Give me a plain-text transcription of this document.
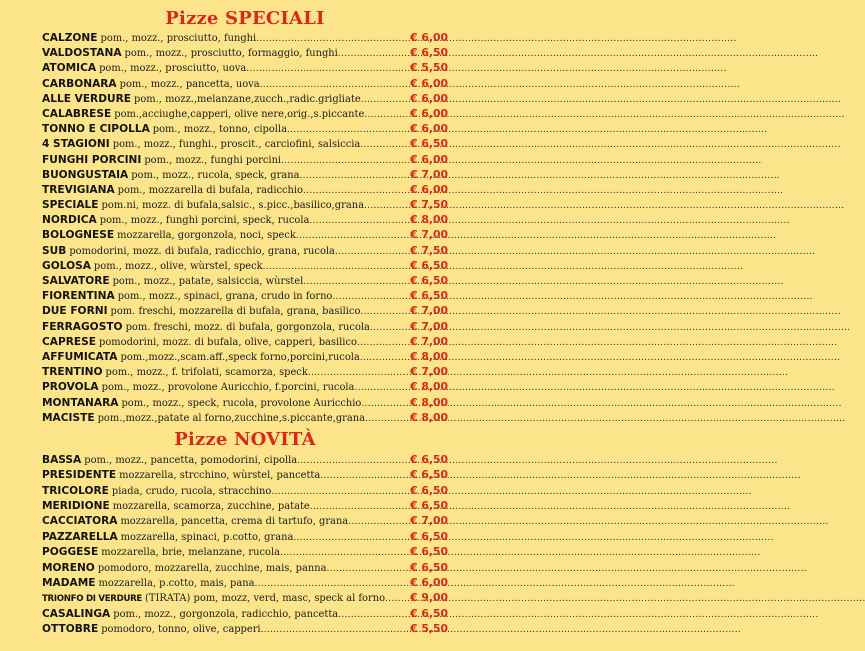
Pizze SPECIALI
CALZONE pom., mozz., prosciutto, funghi .....	€ 6,00
VALDOSTANA pom., mozz., prosciutto, formaggio, funghi .....	€ 6,50
ATOMICA pom., mozz., prosciutto, uova .....	€ 5,50
CARBONARA pom., mozz., pancetta, uova .....	€ 6,00
ALLE VERDURE pom., mozz.,melanzane,zucch.,radic.grigliate .....	€ 6,00
CALABRESE pom.,acciughe,capperi, olive nere,orig.,s.piccante .....	€ 6,00
TONNO E CIPOLLA pom., mozz., tonno, cipolla .....	€ 6,00
4 STAGIONI pom., mozz., funghi., proscit., carciofini, salsiccia .....	€ 6,50
FUNGHI PORCINI pom., mozz., funghi porcini .....	€ 6,00
BUONGUSTAIA pom., mozz., rucola, speck, grana .....	€ 7,00
TREVIGIANA pom., mozzarella di bufala, radicchio .....	€ 6,00
SPECIALE pom.ni, mozz. di bufala,salsic., s.picc.,basilico,grana .....	€ 7,50
NORDICA pom., mozz., funghi porcini, speck, rucola .....	€ 8,00
BOLOGNESE mozzarella, gorgonzola, noci, speck .....	€ 7,00
SUB pomodorini, mozz. di bufala, radicchio, grana, rucola .....	€ 7,50
GOLOSA pom., mozz., olive, wùrstel, speck .....	€ 6,50
SALVATORE pom., mozz., patate, salsiccia, wùrstel .....	€ 6,50
FIORENTINA pom., mozz., spinaci, grana, crudo in forno .....	€ 6,50
DUE FORNI pom. freschi, mozzarella di bufala, grana, basilico .....	€ 7,00
FERRAGOSTO pom. freschi, mozz. di bufala, gorgonzola, rucola .....	€ 7,00
CAPRESE pomodorini, mozz. di bufala, olive, capperi, basilico .....	€ 7,00
AFFUMICATA pom.,mozz.,scam.aff.,speck forno,porcini,rucola .....	€ 8,00
TRENTINO pom., mozz., f. trifolati, scamorza, speck .....	€ 7,00
PROVOLA pom., mozz., provolone Auricchio, f.porcini, rucola .....	€ 8,00
MONTANARA pom., mozz., speck, rucola, provolone Auricchio .....	€ 8,00
MACISTE pom.,mozz.,patate al forno,zucchine,s.piccante,grana .....	€ 8,00
Pizze NOVITÀ
BASSA pom., mozz., pancetta, pomodorini, cipolla .....	€ 6,50
PRESIDENTE mozzarella, strcchino, wùrstel, pancetta .....	€ 6,50
TRICOLORE piada, crudo, rucola, stracchino .....	€ 6,50
MERIDIONE mozzarella, scamorza, zucchine, patate .....	€ 6,50
CACCIATORA mozzarella, pancetta, crema di tartufo, grana .....	€ 7,00
PAZZARELLA mozzarella, spinaci, p.cotto, grana .....	€ 6,50
POGGESE mozzarella, brie, melanzane, rucola .....	€ 6,50
MORENO pomodoro, mozzarella, zucchine, mais, panna .....	€ 6,50
MADAME mozzarella, p.cotto, mais, pana .....	€ 6,00
TRIONFO DI VERDURE (TIRATA) pom, mozz, verd, masc, speck al forno ..... € 9,00
CASALINGA pom., mozz., gorgonzola, radicchio, pancetta .....	€ 6,50
OTTOBRE pomodoro, tonno, olive, capperi .....	€ 5,50
